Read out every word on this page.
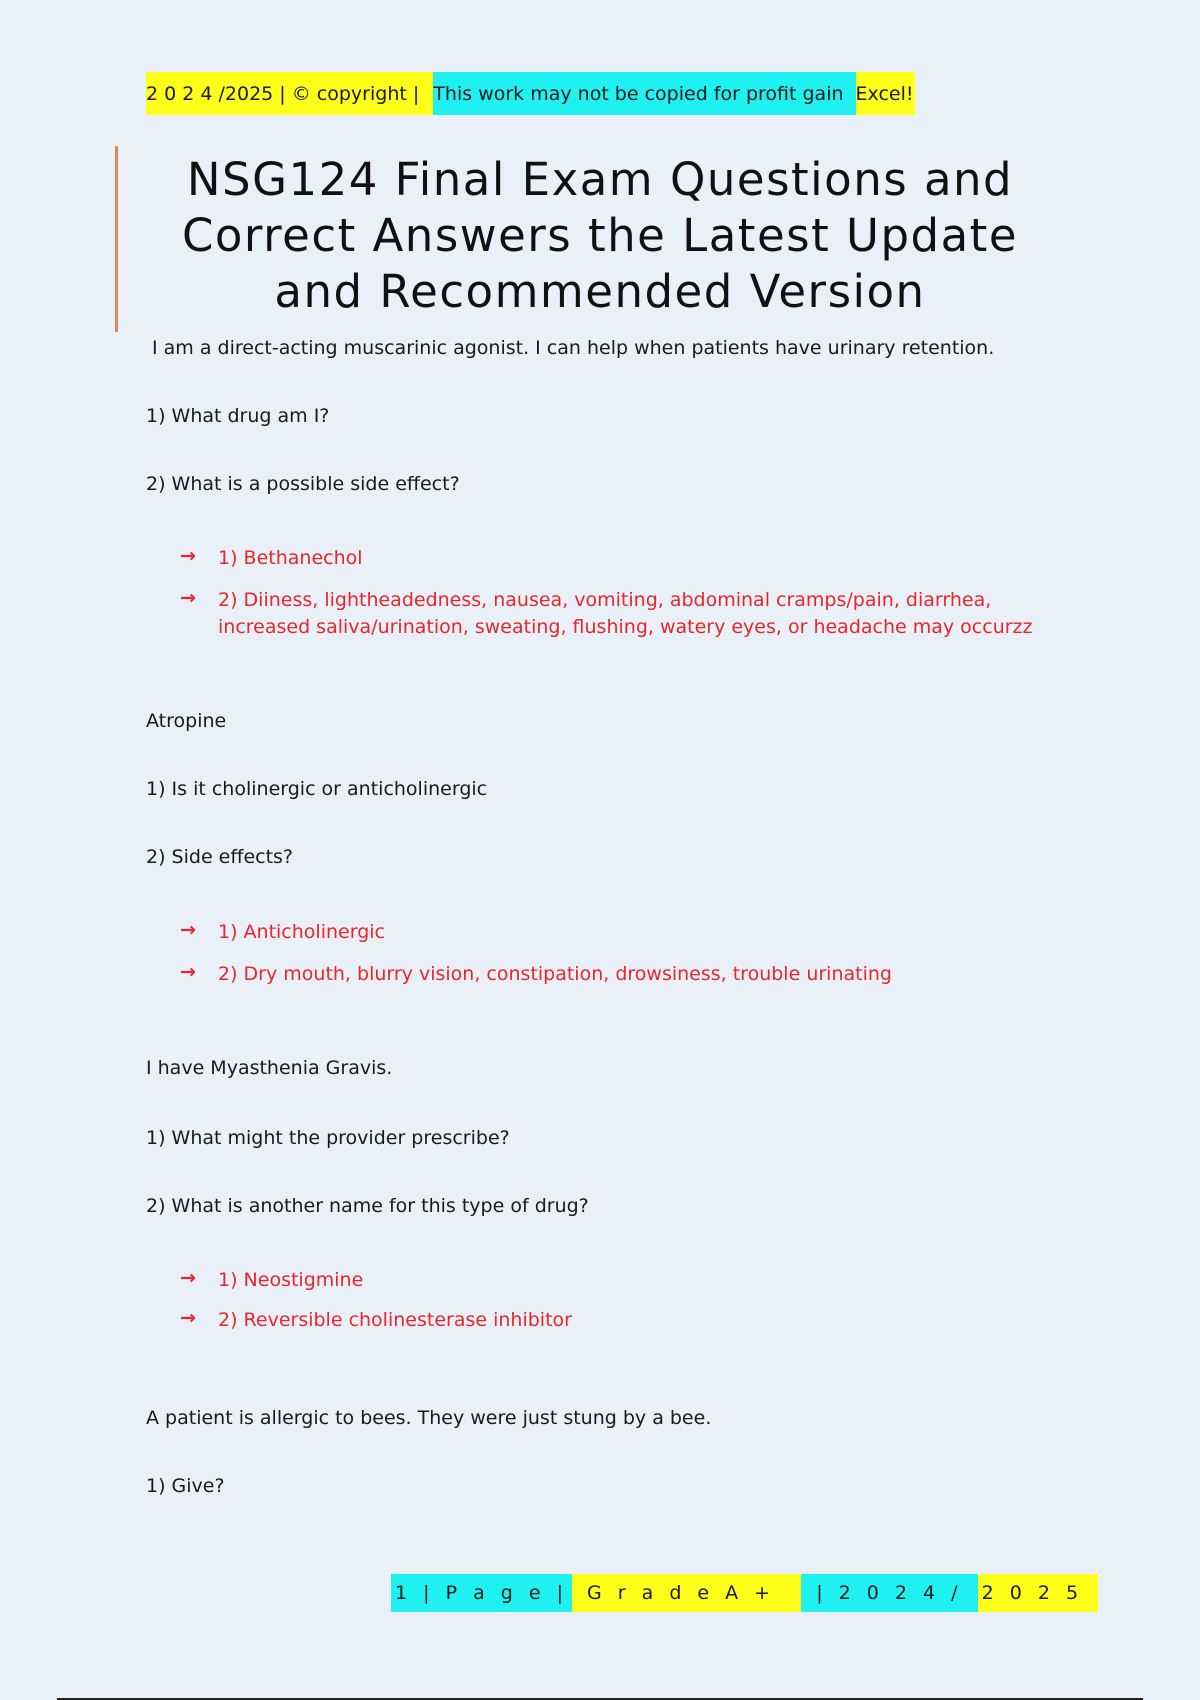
2 0 2 4 /2025 | © copyright | This work may not be copied for profit gain Excel!
NSG124 Final Exam Questions and Correct Answers the Latest Update and Recommended Version
I am a direct-acting muscarinic agonist. I can help when patients have urinary retention.
1) What drug am I?
2) What is a possible side effect?
→	1) Bethanechol
→	2) Diiness, lightheadedness, nausea, vomiting, abdominal cramps/pain, diarrhea, increased saliva/urination, sweating, flushing, watery eyes, or headache may occurzz
Atropine
1) Is it cholinergic or anticholinergic
2) Side effects?
→	1) Anticholinergic
→	2) Dry mouth, blurry vision, constipation, drowsiness, trouble urinating
I have Myasthenia Gravis.
1) What might the provider prescribe?
2) What is another name for this type of drug?
→	1) Neostigmine
→	2) Reversible cholinesterase inhibitor
A patient is allergic to bees. They were just stung by a bee.
1) Give?
1 | P a g e | G r a d e A + | 2 0 2 4 / 2 0 2 5
